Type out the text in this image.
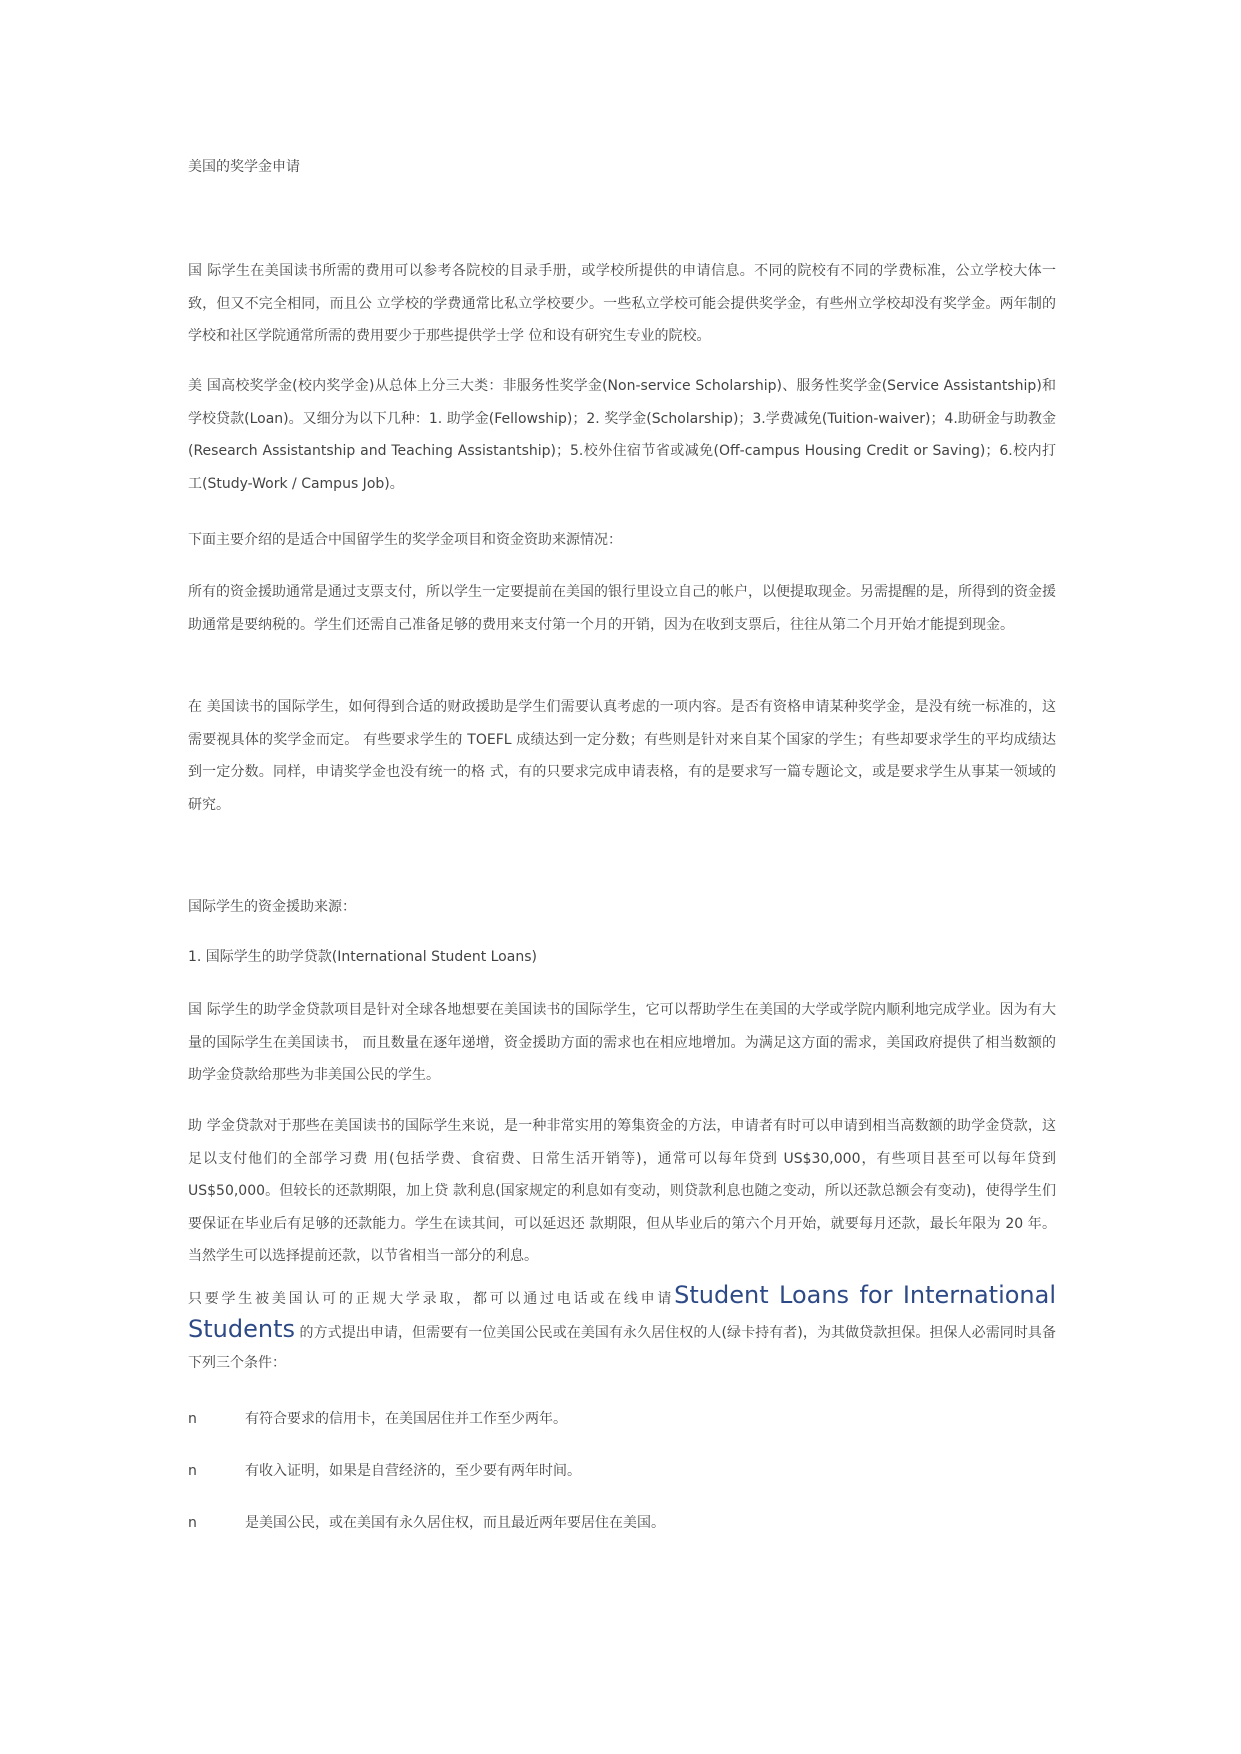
美国的奖学金申请

国 际学生在美国读书所需的费用可以参考各院校的目录手册，或学校所提供的申请信息。不同的院校有不同的学费标准，公立学校大体一致，但又不完全相同，而且公 立学校的学费通常比私立学校要少。一些私立学校可能会提供奖学金，有些州立学校却没有奖学金。两年制的学校和社区学院通常所需的费用要少于那些提供学士学 位和设有研究生专业的院校。

美 国高校奖学金(校内奖学金)从总体上分三大类：非服务性奖学金(Non-service Scholarship)、服务性奖学金(Service Assistantship)和学校贷款(Loan)。又细分为以下几种：1. 助学金(Fellowship)；2. 奖学金(Scholarship)；3.学费减免(Tuition-waiver)；4.助研金与助教金(Research Assistantship and Teaching Assistantship)；5.校外住宿节省或减免(Off-campus Housing Credit or Saving)；6.校内打工(Study-Work / Campus Job)。

下面主要介绍的是适合中国留学生的奖学金项目和资金资助来源情况：

所有的资金援助通常是通过支票支付，所以学生一定要提前在美国的银行里设立自己的帐户，以便提取现金。另需提醒的是，所得到的资金援助通常是要纳税的。学生们还需自己准备足够的费用来支付第一个月的开销，因为在收到支票后，往往从第二个月开始才能提到现金。

在 美国读书的国际学生，如何得到合适的财政援助是学生们需要认真考虑的一项内容。是否有资格申请某种奖学金，是没有统一标准的，这需要视具体的奖学金而定。 有些要求学生的 TOEFL 成绩达到一定分数；有些则是针对来自某个国家的学生；有些却要求学生的平均成绩达到一定分数。同样，申请奖学金也没有统一的格 式，有的只要求完成申请表格，有的是要求写一篇专题论文，或是要求学生从事某一领域的研究。

国际学生的资金援助来源：

1. 国际学生的助学贷款(International Student Loans)

国 际学生的助学金贷款项目是针对全球各地想要在美国读书的国际学生，它可以帮助学生在美国的大学或学院内顺利地完成学业。因为有大量的国际学生在美国读书， 而且数量在逐年递增，资金援助方面的需求也在相应地增加。为满足这方面的需求，美国政府提供了相当数额的助学金贷款给那些为非美国公民的学生。

助 学金贷款对于那些在美国读书的国际学生来说，是一种非常实用的筹集资金的方法，申请者有时可以申请到相当高数额的助学金贷款，这足以支付他们的全部学习费 用(包括学费、食宿费、日常生活开销等)，通常可以每年贷到 US$30,000，有些项目甚至可以每年贷到 US$50,000。但较长的还款期限，加上贷 款利息(国家规定的利息如有变动，则贷款利息也随之变动，所以还款总额会有变动)，使得学生们要保证在毕业后有足够的还款能力。学生在读其间，可以延迟还 款期限，但从毕业后的第六个月开始，就要每月还款，最长年限为 20 年。当然学生可以选择提前还款，以节省相当一部分的利息。

只要学生被美国认可的正规大学录取，都可以通过电话或在线申请Student Loans for International Students 的方式提出申请，但需要有一位美国公民或在美国有永久居住权的人(绿卡持有者)，为其做贷款担保。担保人必需同时具备下列三个条件：

n	有符合要求的信用卡，在美国居住并工作至少两年。
n	有收入证明，如果是自营经济的，至少要有两年时间。
n	是美国公民，或在美国有永久居住权，而且最近两年要居住在美国。
